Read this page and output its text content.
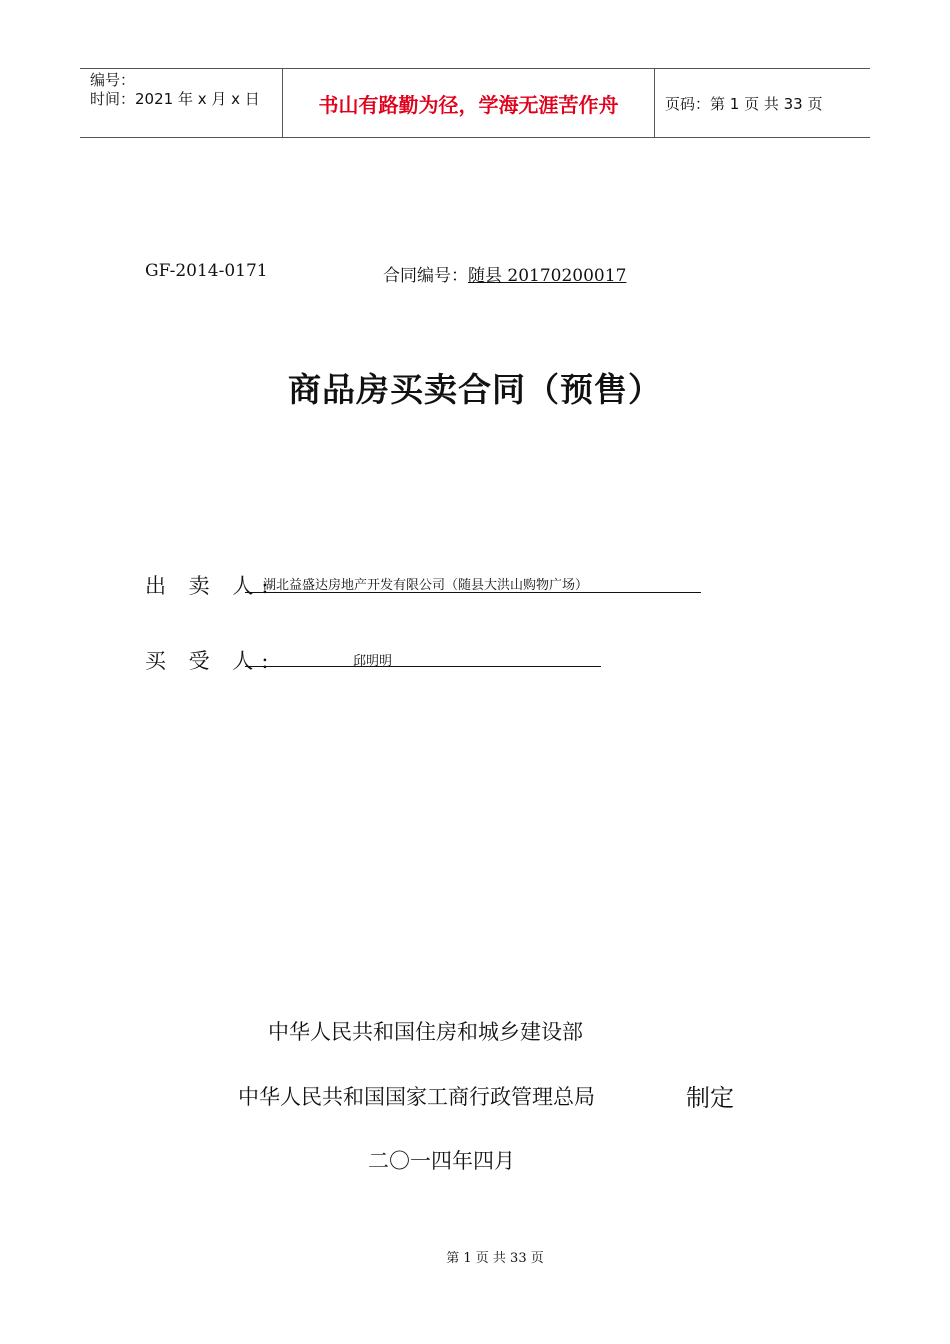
编号：
时间：2021 年 x 月 x 日	书山有路勤为径，学海无涯苦作舟	页码：第 1 页 共 33 页
GF-2014-0171	合同编号：随县 20170200017
商品房买卖合同（预售）
出 卖 人:
湖北益盛达房地产开发有限公司（随县大洪山购物广场）
买 受 人:	邱明明
中华人民共和国住房和城乡建设部
中华人民共和国国家工商行政管理总局	制定
二〇一四年四月
第 1 页 共 33 页
